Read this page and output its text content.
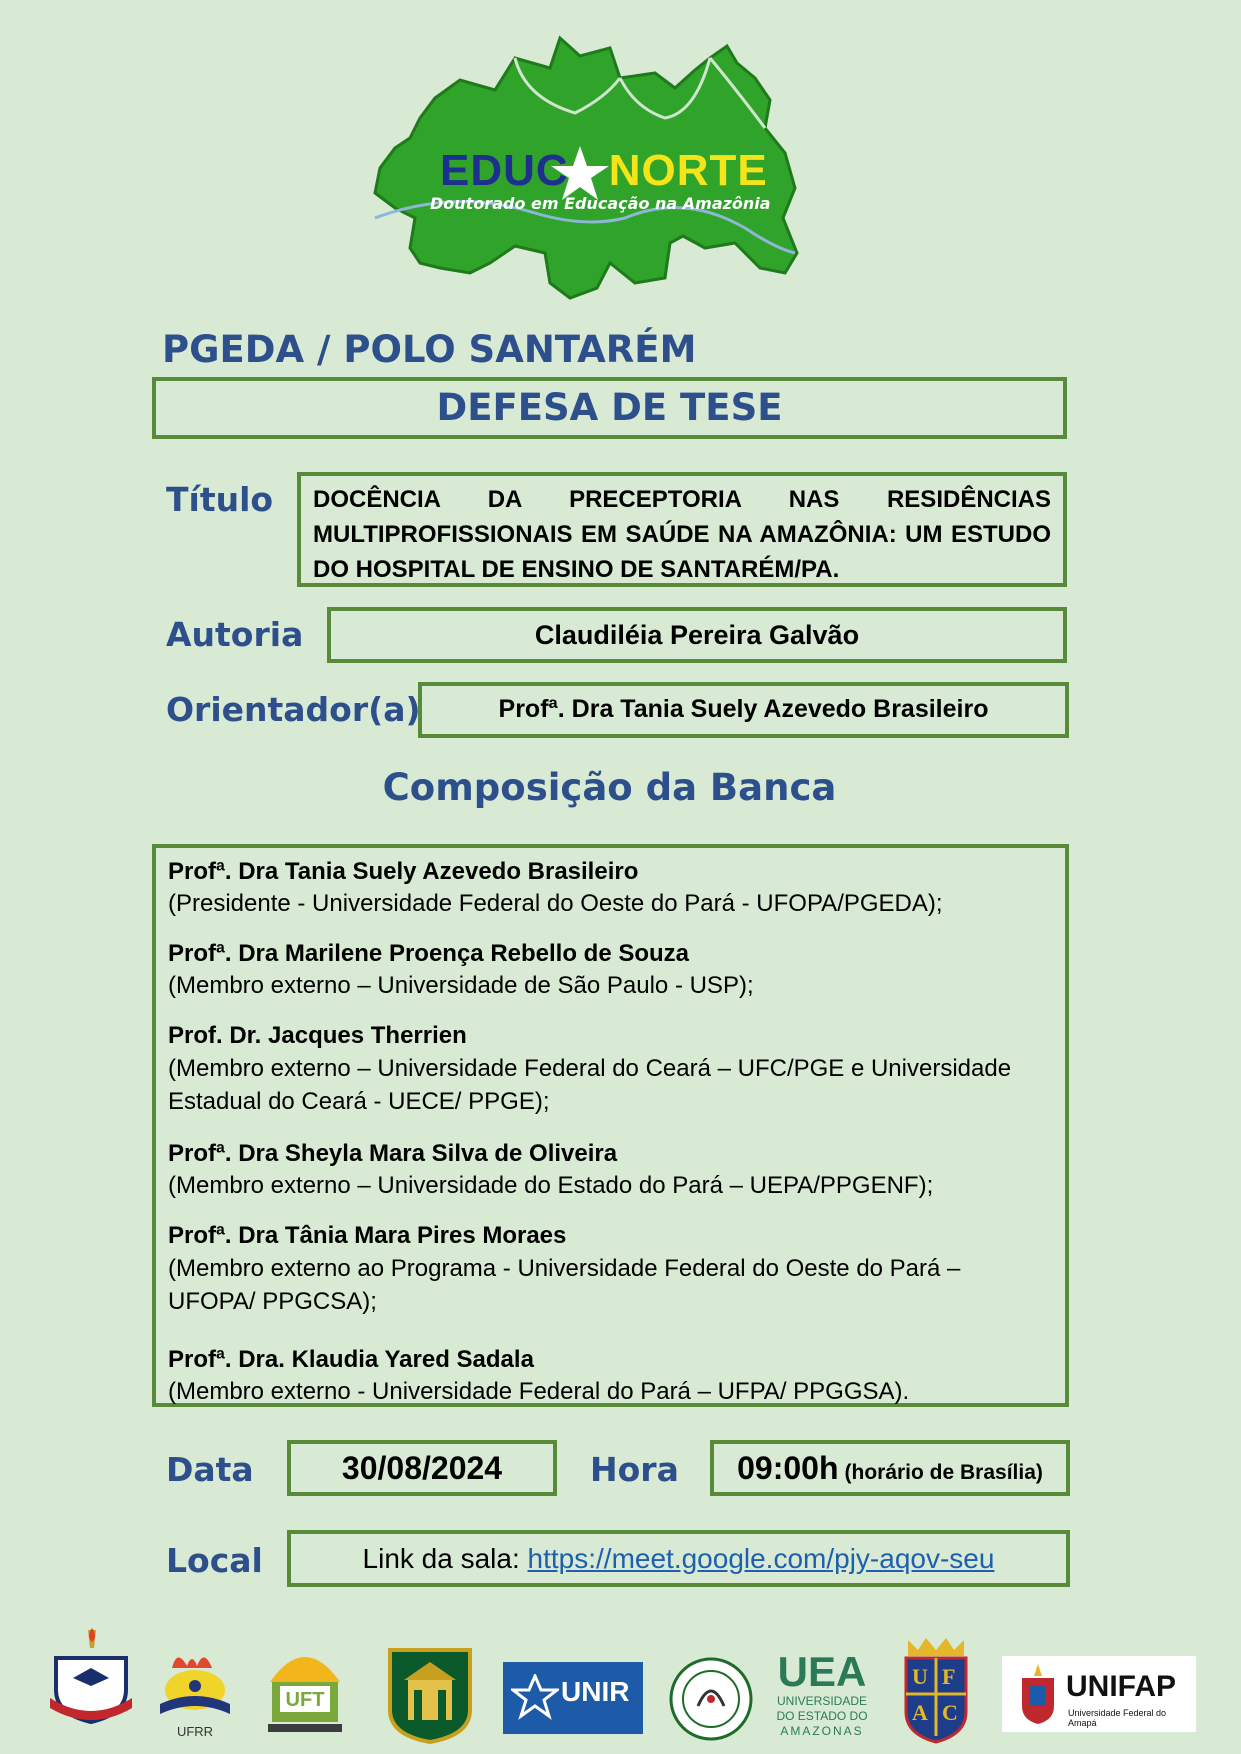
EDUC NORTE
Doutorado em Educação na Amazônia
PGEDA / POLO SANTARÉM
DEFESA DE TESE
Título DOCÊNCIA DA PRECEPTORIA NAS RESIDÊNCIAS MULTIPROFISSIONAIS EM SAÚDE NA AMAZÔNIA: UM ESTUDO DO HOSPITAL DE ENSINO DE SANTARÉM/PA.
Autoria	Claudiléia Pereira Galvão
Orientador(a)	Profª. Dra Tania Suely Azevedo Brasileiro
Composição da Banca
Profª. Dra Tania Suely Azevedo Brasileiro
(Presidente - Universidade Federal do Oeste do Pará - UFOPA/PGEDA);
Profª. Dra Marilene Proença Rebello de Souza
(Membro externo – Universidade de São Paulo - USP);
Prof. Dr. Jacques Therrien
(Membro externo – Universidade Federal do Ceará – UFC/PGE e Universidade Estadual do Ceará - UECE/ PPGE);
Profª. Dra Sheyla Mara Silva de Oliveira
(Membro externo – Universidade do Estado do Pará – UEPA/PPGENF);
Profª. Dra Tânia Mara Pires Moraes
(Membro externo ao Programa - Universidade Federal do Oeste do Pará – UFOPA/ PPGCSA);
Profª. Dra. Klaudia Yared Sadala
(Membro externo - Universidade Federal do Pará – UFPA/ PPGGSA).
Data	30/08/2024	Hora	09:00h (horário de Brasília)
Local	Link da sala: https://meet.google.com/pjy-aqov-seu
UFRR
UFT	UNIR	UEA
UNIVERSIDADE
DO ESTADO DO
AMAZONAS
U F
A C
UNIFAP
Universidade Federal do Amapá
